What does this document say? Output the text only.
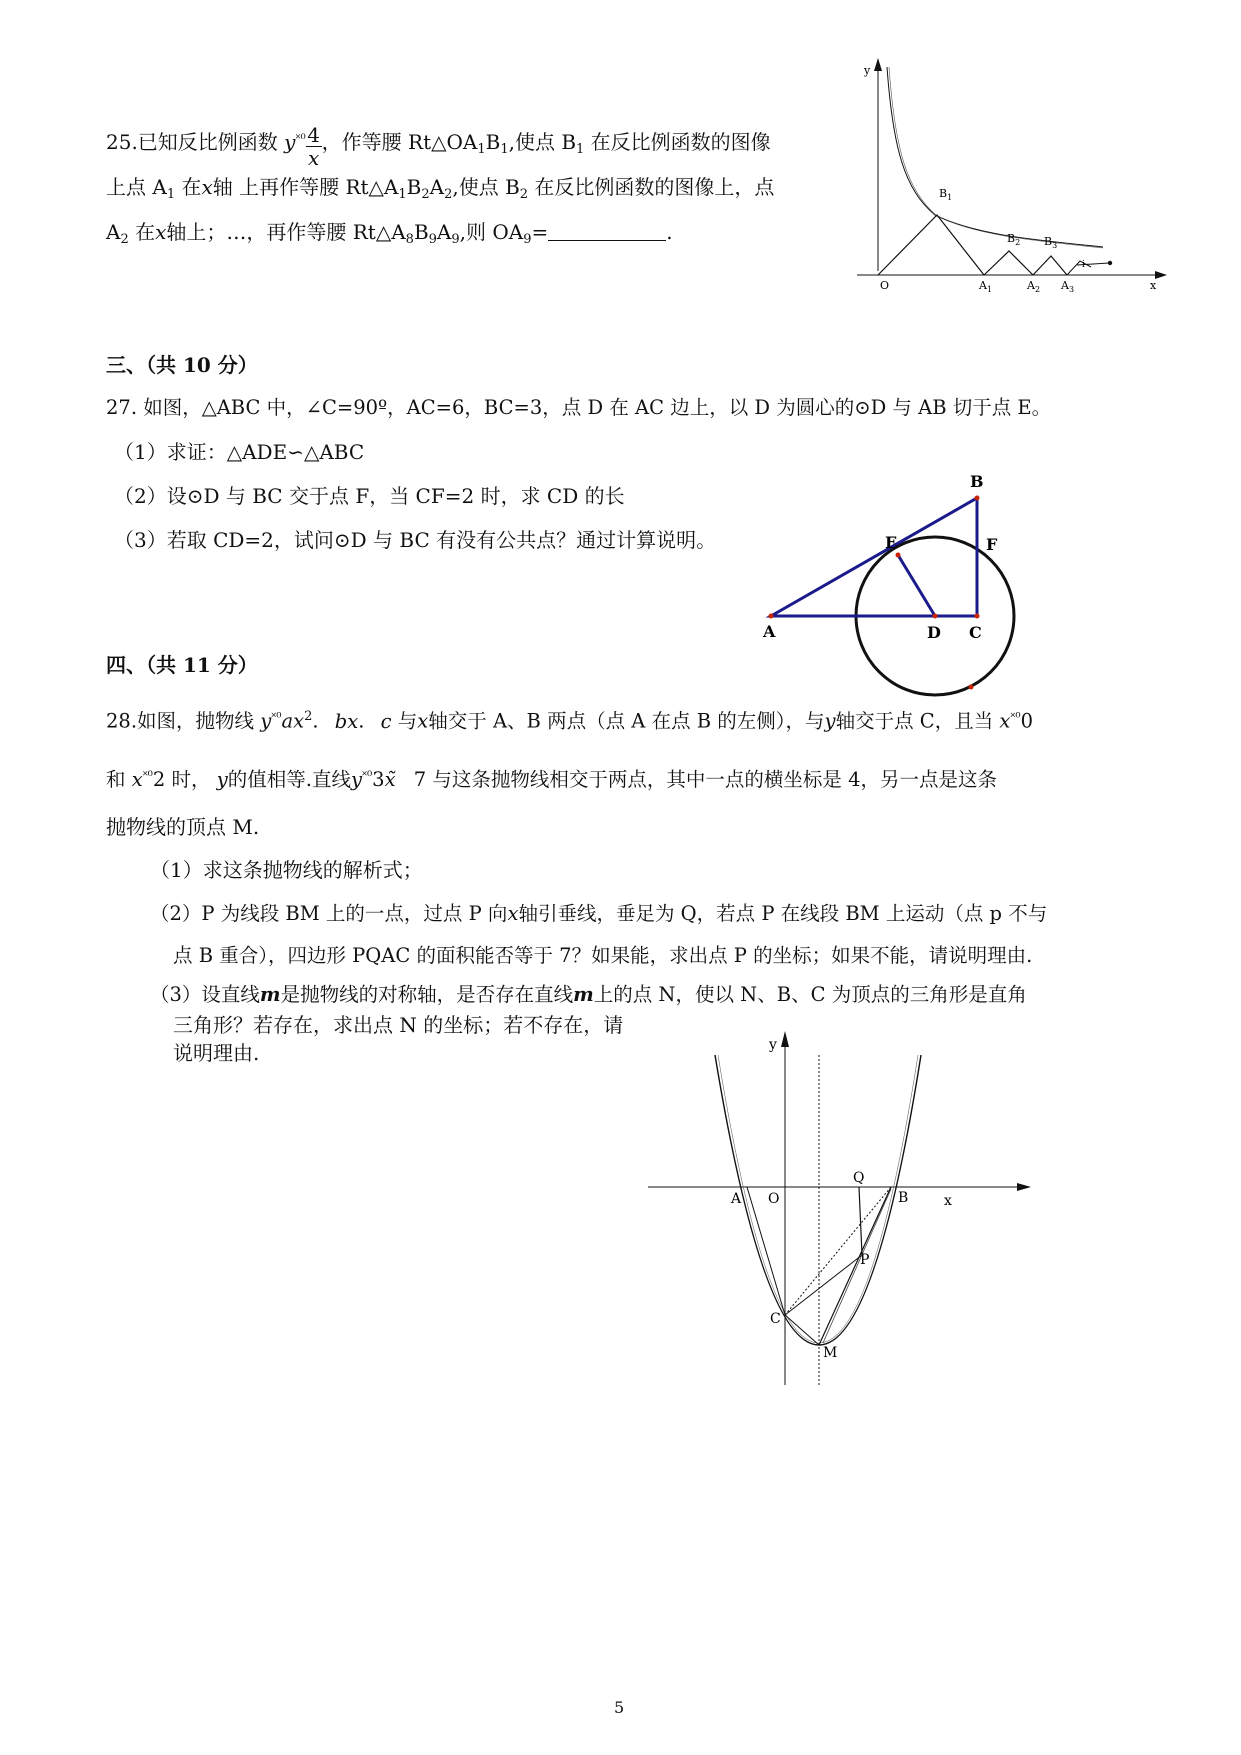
25.已知反比例函数 $y^{˟^0} \frac{4}{x}$ ，作等腰 $Rt\triangle OA_1B_1$,使点 $B_1$ 在反比例函数的图像
上点 $A_1$ 在x轴 上再作等腰 $Rt\triangle A_1B_2A_2$,使点 $B_2$ 在反比例函数的图像上，点
$A_2$ 在x轴上；…，再作等腰 $Rt\triangle A_8B_9A_9$,则 $OA_9=$	.
y
x
O
$B_1$
$B_2$ $B_3$
i
$A_1$	$A_2$ $A_3$
三、（共 10 分）
27. 如图，△ABC 中，∠C=90º，AC=6，BC=3，点 D 在 AC 边上，以 D 为圆心的⊙D 与 AB 切于点 E。
（1）求证：△ADE∽△ABC
（2）设⊙D 与 BC 交于点 F，当 CF=2 时，求 CD 的长
（3）若取 CD=2，试问⊙D 与 BC 有没有公共点？通过计算说明。
A
B
C
D
E	F
四、（共 11 分）
28.如图，抛物线 $y^{˟^0}ax^2$. bx. c 与x轴交于 A、B 两点（点 A 在点 B 的左侧），与y轴交于点 C，且当 $x^{˟^0}0$
和 $x^{˟^0}2$ 时， y的值相等.直线$y^{˟^0}3x̃$ 7 与这条抛物线相交于两点，其中一点的横坐标是 4，另一点是这条
抛物线的顶点 M.
（1）求这条抛物线的解析式；
（2）P 为线段 BM 上的一点，过点 P 向x轴引垂线，垂足为 Q，若点 P 在线段 BM 上运动（点 p 不与
点 B 重合），四边形 PQAC 的面积能否等于 7？如果能，求出点 P 的坐标；如果不能，请说明理由.
（3）设直线m是抛物线的对称轴，是否存在直线m上的点 N，使以 N、B、C 为顶点的三角形是直角
三角形？若存在，求出点 N 的坐标；若不存在，请
说明理由.	y
x
O
A	B
Q
P
C
M
5
